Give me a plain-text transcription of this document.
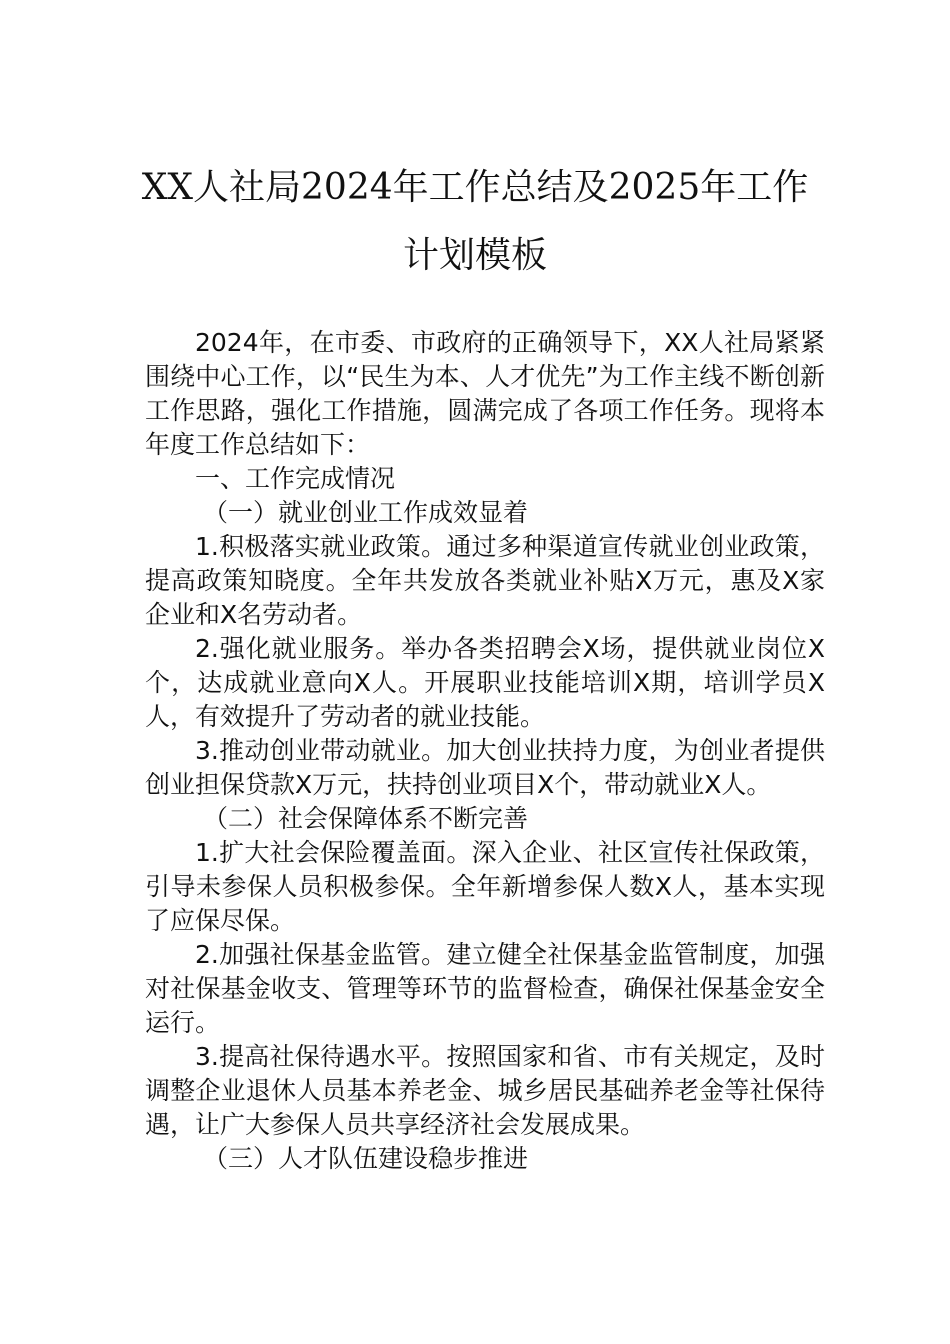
XX人社局2024年工作总结及2025年工作
计划模板

2024年，在市委、市政府的正确领导下，XX人社局紧紧围绕中心工作，以“民生为本、人才优先”为工作主线不断创新工作思路，强化工作措施，圆满完成了各项工作任务。现将本年度工作总结如下：

一、工作完成情况

（一）就业创业工作成效显着

1.积极落实就业政策。通过多种渠道宣传就业创业政策，提高政策知晓度。全年共发放各类就业补贴X万元，惠及X家企业和X名劳动者。

2.强化就业服务。举办各类招聘会X场，提供就业岗位X个，达成就业意向X人。开展职业技能培训X期，培训学员X人，有效提升了劳动者的就业技能。

3.推动创业带动就业。加大创业扶持力度，为创业者提供创业担保贷款X万元，扶持创业项目X个，带动就业X人。

（二）社会保障体系不断完善

1.扩大社会保险覆盖面。深入企业、社区宣传社保政策，引导未参保人员积极参保。全年新增参保人数X人，基本实现了应保尽保。

2.加强社保基金监管。建立健全社保基金监管制度，加强对社保基金收支、管理等环节的监督检查，确保社保基金安全运行。

3.提高社保待遇水平。按照国家和省、市有关规定，及时调整企业退休人员基本养老金、城乡居民基础养老金等社保待遇，让广大参保人员共享经济社会发展成果。

（三）人才队伍建设稳步推进
